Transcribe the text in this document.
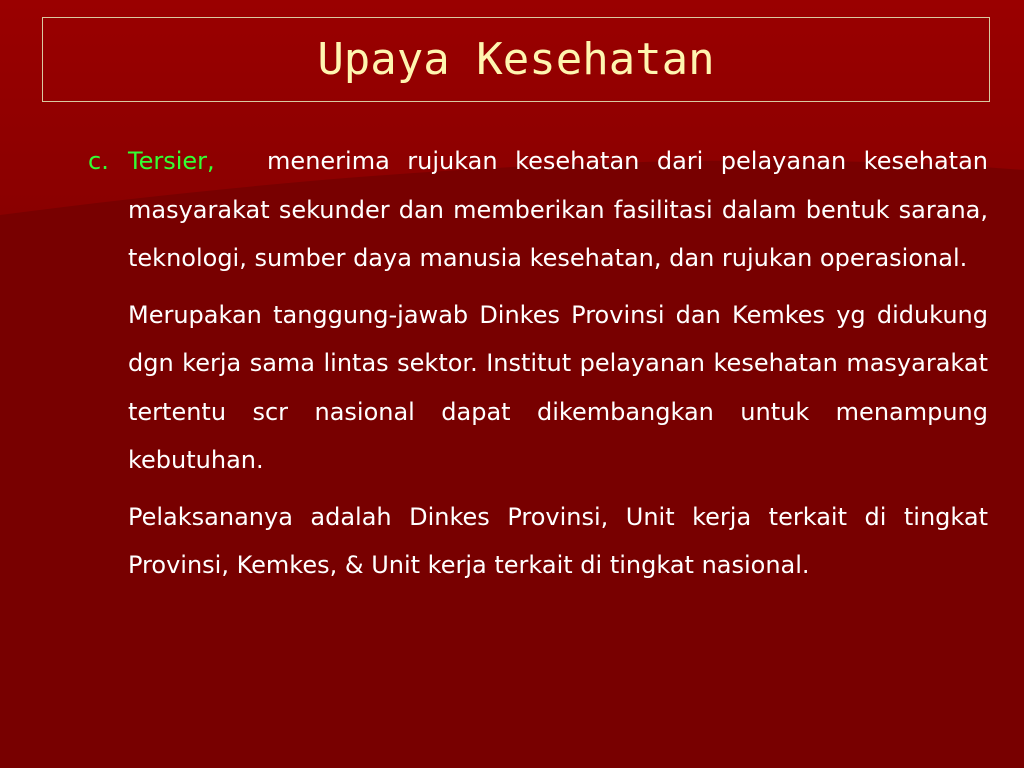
Upaya Kesehatan
c. Tersier, menerima rujukan kesehatan dari pelayanan kesehatan masyarakat sekunder dan memberikan fasilitasi dalam bentuk sarana, teknologi, sumber daya manusia kesehatan, dan rujukan operasional.

Merupakan tanggung-jawab Dinkes Provinsi dan Kemkes yg didukung dgn kerja sama lintas sektor. Institut pelayanan kesehatan masyarakat tertentu scr nasional dapat dikembangkan untuk menampung kebutuhan.

Pelaksananya adalah Dinkes Provinsi, Unit kerja terkait di tingkat Provinsi, Kemkes, & Unit kerja terkait di tingkat nasional.
